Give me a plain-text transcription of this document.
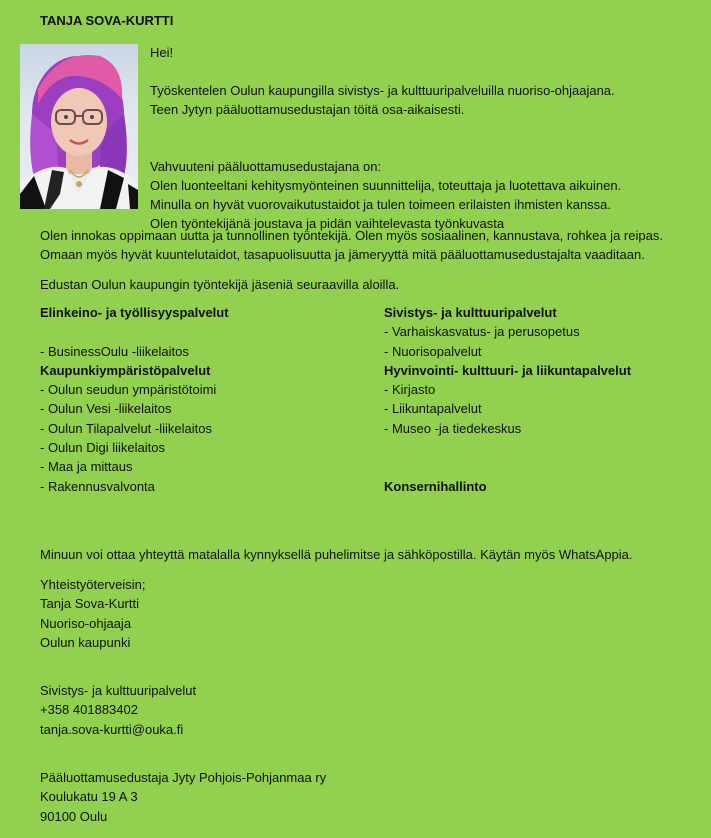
TANJA SOVA-KURTTI

Hei!

Työskentelen Oulun kaupungilla sivistys- ja kulttuuripalveluilla nuoriso-ohjaajana.

Teen Jytyn pääluottamusedustajan töitä osa-aikaisesti.

Vahvuuteni pääluottamusedustajana on:

Olen luonteeltani kehitysmyönteinen suunnittelija, toteuttaja ja luotettava aikuinen.

Minulla on hyvät vuorovaikutustaidot ja tulen toimeen erilaisten ihmisten kanssa.

Olen työntekijänä joustava ja pidän vaihtelevasta työnkuvasta

Olen innokas oppimaan uutta ja tunnollinen työntekijä. Olen myös sosiaalinen, kannustava, rohkea ja reipas.

Omaan myös hyvät kuuntelutaidot, tasapuolisuutta ja jämeryyttä mitä pääluottamusedustajalta vaaditaan.

Edustan Oulun kaupungin työntekijä jäseniä seuraavilla aloilla.

Elinkeino- ja työllisyyspalvelut
- BusinessOulu -liikelaitos
Kaupunkiympäristöpalvelut
- Oulun seudun ympäristötoimi
- Oulun Vesi -liikelaitos
- Oulun Tilapalvelut -liikelaitos
- Oulun Digi liikelaitos
- Maa ja mittaus
- Rakennusvalvonta
Sivistys- ja kulttuuripalvelut
- Varhaiskasvatus- ja perusopetus
- Nuorisopalvelut
Hyvinvointi- kulttuuri- ja liikuntapalvelut
- Kirjasto
- Liikuntapalvelut
- Museo -ja tiedekeskus
Konsernihallinto

Minuun voi ottaa yhteyttä matalalla kynnyksellä puhelimitse ja sähköpostilla. Käytän myös WhatsAppia.

Yhteistyöterveisin;
Tanja Sova-Kurtti
Nuoriso-ohjaaja
Oulun kaupunki
Sivistys- ja kulttuuripalvelut
+358 401883402
tanja.sova-kurtti@ouka.fi
Pääluottamusedustaja Jyty Pohjois-Pohjanmaa ry
Koulukatu 19 A 3
90100 Oulu
